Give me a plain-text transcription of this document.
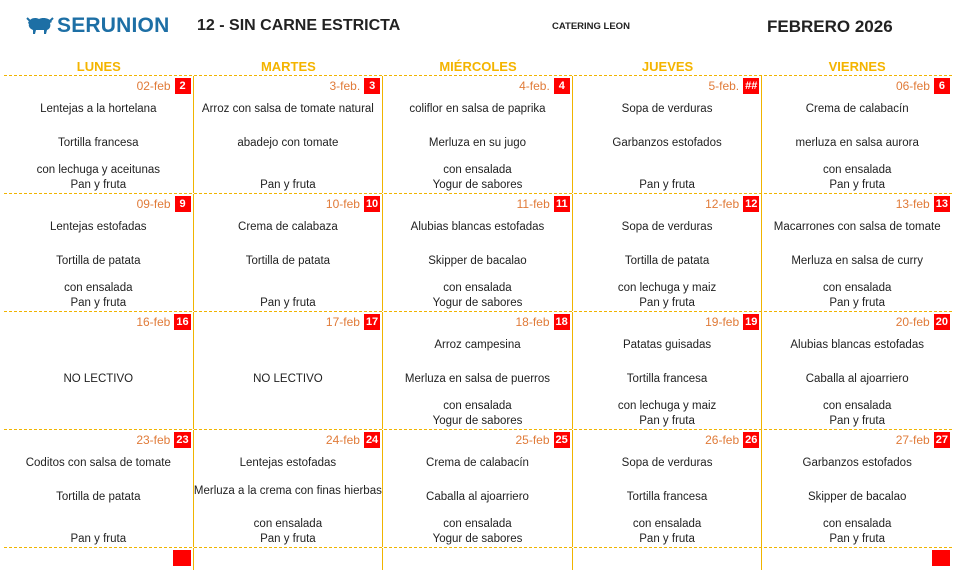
SERUNION 12 - SIN CARNE ESTRICTA	CATERING LEON	FEBRERO 2026
LUNES	MARTES	MIÉRCOLES	JUEVES	VIERNES
02-feb 2
Lentejas a la hortelana
Tortilla francesa
con lechuga y aceitunas
Pan y fruta
3-feb. 3
Arroz con salsa de tomate natural
abadejo con tomate
Pan y fruta
4-feb. 4
coliflor en salsa de paprika
Merluza en su jugo
con ensalada
Yogur de sabores
5-feb. ##
Sopa de verduras
Garbanzos estofados
Pan y fruta
06-feb 6
Crema de calabacín
merluza en salsa aurora
con ensalada
Pan y fruta
09-feb 9
Lentejas estofadas
Tortilla de patata
con ensalada
Pan y fruta
10-feb 10
Crema de calabaza
Tortilla de patata
Pan y fruta
11-feb 11
Alubias blancas estofadas
Skipper de bacalao
con ensalada
Yogur de sabores
12-feb 12
Sopa de verduras
Tortilla de patata
con lechuga y maiz
Pan y fruta
13-feb 13
Macarrones con salsa de tomate
Merluza en salsa de curry
con ensalada
Pan y fruta
16-feb 16
NO LECTIVO
17-feb 17
NO LECTIVO
18-feb 18
Arroz campesina
Merluza en salsa de puerros
con ensalada
Yogur de sabores
19-feb 19
Patatas guisadas
Tortilla francesa
con lechuga y maiz
Pan y fruta
20-feb 20
Alubias blancas estofadas
Caballa al ajoarriero
con ensalada
Pan y fruta
23-feb 23
Coditos con salsa de tomate
Tortilla de patata
Pan y fruta
24-feb 24
Lentejas estofadas
Merluza a la crema con finas hierbas
con ensalada
Pan y fruta
25-feb 25
Crema de calabacín
Caballa al ajoarriero
con ensalada
Yogur de sabores
26-feb 26
Sopa de verduras
Tortilla francesa
con ensalada
Pan y fruta
27-feb 27
Garbanzos estofados
Skipper de bacalao
con ensalada
Pan y fruta
